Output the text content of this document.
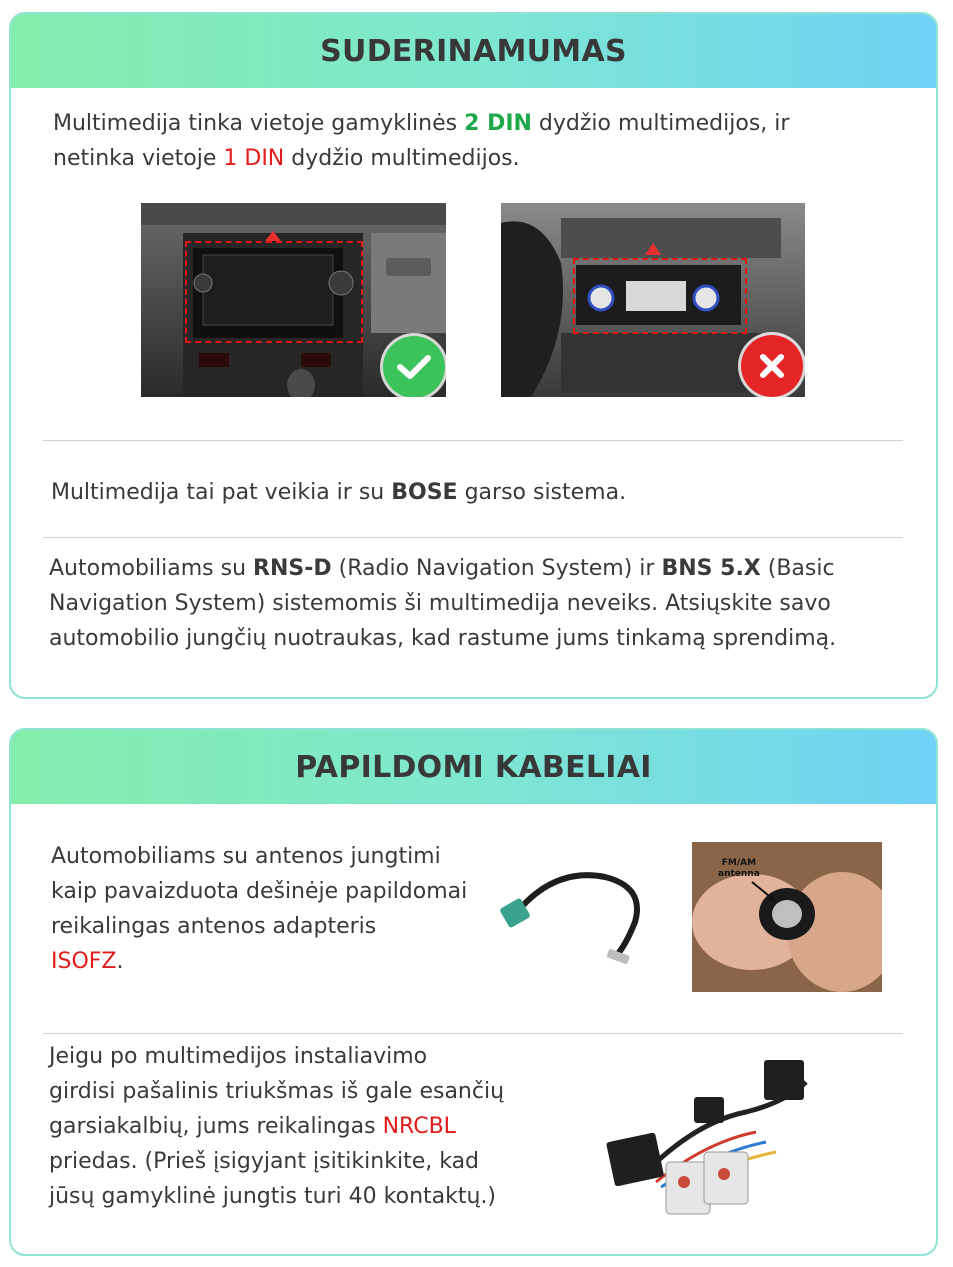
SUDERINAMUMAS
Multimedija tinka vietoje gamyklinės 2 DIN dydžio multimedijos, ir
netinka vietoje 1 DIN dydžio multimedijos.
Multimedija tai pat veikia ir su BOSE garso sistema.
Automobiliams su RNS-D (Radio Navigation System) ir BNS 5.X (Basic
Navigation System) sistemomis ši multimedija neveiks. Atsiųskite savo
automobilio jungčių nuotraukas, kad rastume jums tinkamą sprendimą.
PAPILDOMI KABELIAI
Automobiliams su antenos jungtimi
kaip pavaizduota dešinėje papildomai
reikalingas antenos adapteris
ISOFZ.
FM/AM
antenna
Jeigu po multimedijos instaliavimo
girdisi pašalinis triukšmas iš gale esančių
garsiakalbių, jums reikalingas NRCBL
priedas. (Prieš įsigyjant įsitikinkite, kad
jūsų gamyklinė jungtis turi 40 kontaktų.)
